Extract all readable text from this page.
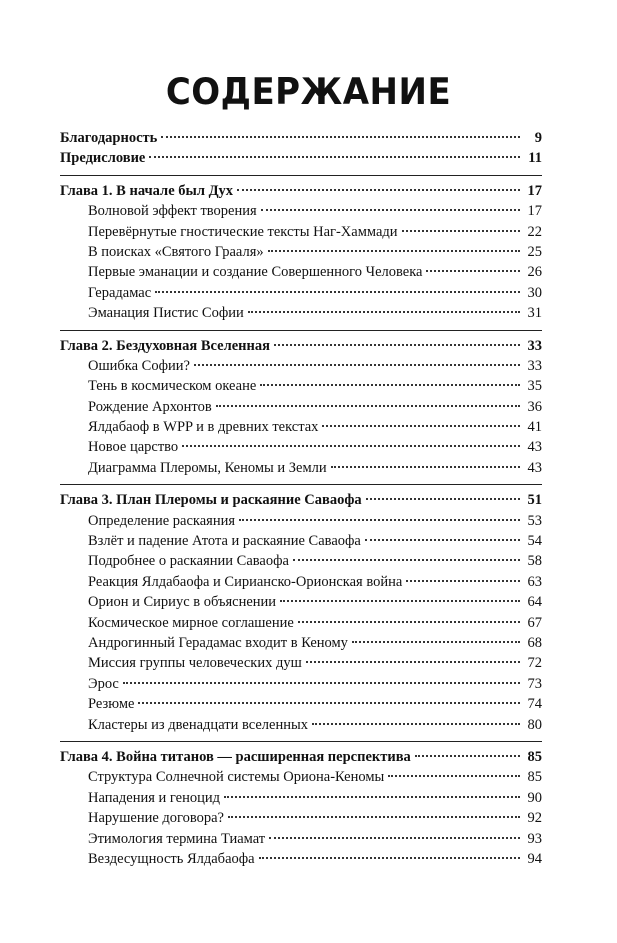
СОДЕРЖАНИЕ
Благодарность	9
Предисловие	11
Глава 1. В начале был Дух	17
Волновой эффект творения	17
Перевёрнутые гностические тексты Наг-Хаммади	22
В поисках «Святого Грааля»	25
Первые эманации и создание Совершенного Человека	26
Герадамас	30
Эманация Пистис Софии	31
Глава 2. Бездуховная Вселенная	33
Ошибка Софии?	33
Тень в космическом океане	35
Рождение Архонтов	36
Ялдабаоф в WPP и в древних текстах	41
Новое царство	43
Диаграмма Плеромы, Кеномы и Земли	43
Глава 3. План Плеромы и раскаяние Саваофа	51
Определение раскаяния	53
Взлёт и падение Атота и раскаяние Саваофа	54
Подробнее о раскаянии Саваофа	58
Реакция Ялдабаофа и Сирианско-Орионская война	63
Орион и Сириус в объяснении	64
Космическое мирное соглашение	67
Андрогинный Герадамас входит в Кеному	68
Миссия группы человеческих душ	72
Эрос	73
Резюме	74
Кластеры из двенадцати вселенных	80
Глава 4. Война титанов — расширенная перспектива	85
Структура Солнечной системы Ориона-Кеномы	85
Нападения и геноцид	90
Нарушение договора?	92
Этимология термина Тиамат	93
Вездесущность Ялдабаофа	94
